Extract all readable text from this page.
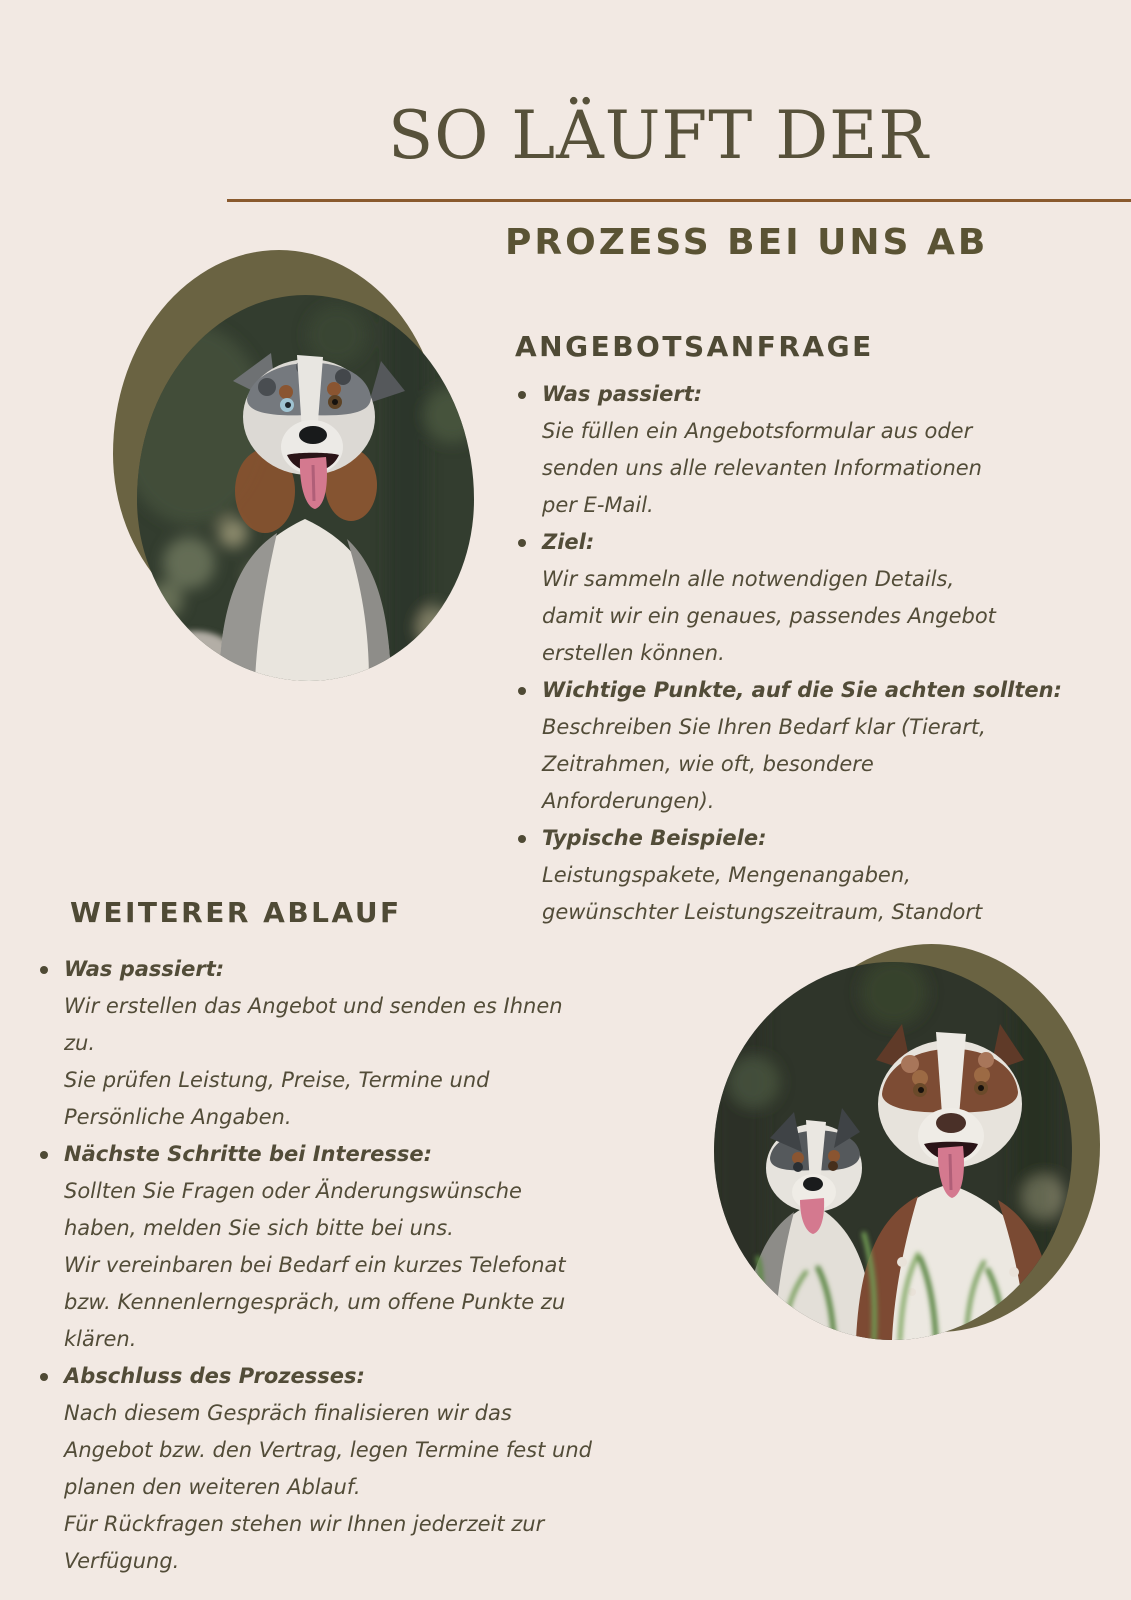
SO LÄUFT DER
PROZESS BEI UNS AB
ANGEBOTSANFRAGE
Was passiert:
Sie füllen ein Angebotsformular aus oder
senden uns alle relevanten Informationen
per E-Mail.
Ziel:
Wir sammeln alle notwendigen Details,
damit wir ein genaues, passendes Angebot
erstellen können.
Wichtige Punkte, auf die Sie achten sollten:
Beschreiben Sie Ihren Bedarf klar (Tierart,
Zeitrahmen, wie oft, besondere
Anforderungen).
Typische Beispiele:
Leistungspakete, Mengenangaben,
gewünschter Leistungszeitraum, Standort
WEITERER ABLAUF
Was passiert:
Wir erstellen das Angebot und senden es Ihnen
zu.
Sie prüfen Leistung, Preise, Termine und
Persönliche Angaben.
Nächste Schritte bei Interesse:
Sollten Sie Fragen oder Änderungswünsche
haben, melden Sie sich bitte bei uns.
Wir vereinbaren bei Bedarf ein kurzes Telefonat
bzw. Kennenlerngespräch, um offene Punkte zu
klären.
Abschluss des Prozesses:
Nach diesem Gespräch finalisieren wir das
Angebot bzw. den Vertrag, legen Termine fest und
planen den weiteren Ablauf.
Für Rückfragen stehen wir Ihnen jederzeit zur
Verfügung.
